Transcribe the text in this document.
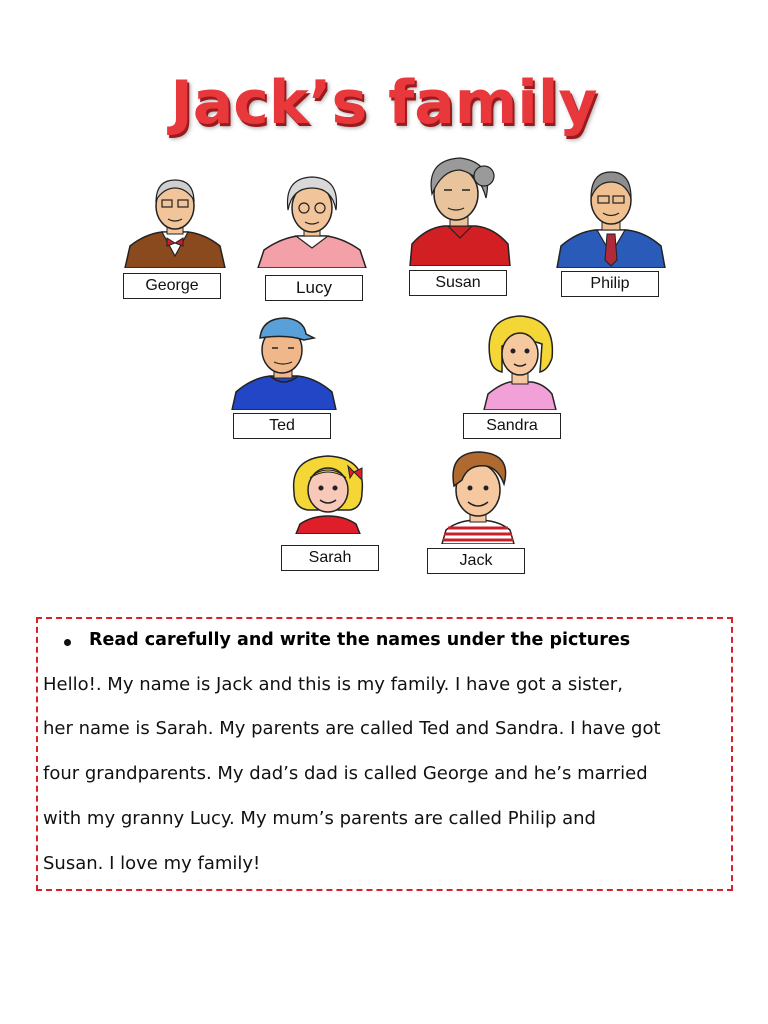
Jack’s family
George	Lucy	Susan	Philip
Ted	Sandra
Sarah	Jack
Read carefully and write the names under the pictures
Hello!. My name is Jack and this is my family. I have got a sister,
her name is Sarah. My parents are called Ted and Sandra. I have got
four grandparents. My dad’s dad is called George and he’s married
with my granny Lucy. My mum’s parents are called Philip and
Susan. I love my family!
